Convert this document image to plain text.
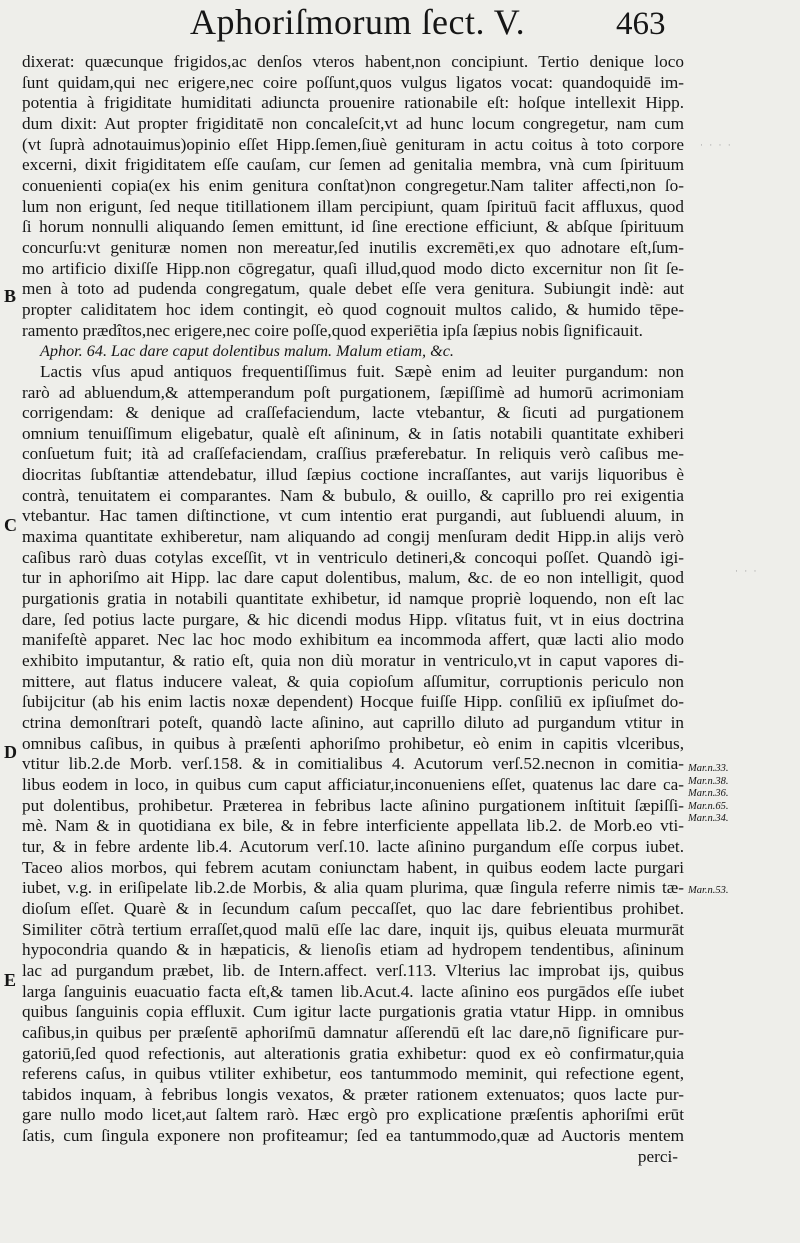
Aphoriſmorum ſect. V.	463
dixerat: quæcunque frigidos,ac denſos vteros habent,non concipiunt. Tertio denique loco
ſunt quidam,qui nec erigere,nec coire poſſunt,quos vulgus ligatos vocat: quandoquidē im-
potentia à frigiditate humiditati adiuncta prouenire rationabile eſt: hoſque intellexit Hipp.
dum dixit: Aut propter frigiditatē non concaleſcit,vt ad hunc locum congregetur, nam cum
(vt ſuprà adnotauimus)opinio eſſet Hipp.ſemen,ſiuè genituram in actu coitus à toto corpore
excerni, dixit frigiditatem eſſe cauſam, cur ſemen ad genitalia membra, vnà cum ſpirituum
conuenienti copia(ex his enim genitura conſtat)non congregetur.Nam taliter affecti,non ſo-
lum non erigunt, ſed neque titillationem illam percipiunt, quam ſpirituū facit affluxus, quod
ſi horum nonnulli aliquando ſemen emittunt, id ſine erectione efficiunt, & abſque ſpirituum
concurſu:vt genituræ nomen non mereatur,ſed inutilis excremēti,ex quo adnotare eſt,ſum-
mo artificio dixiſſe Hipp.non cōgregatur, quaſi illud,quod modo dicto excernitur non ſit ſe-
men à toto ad pudenda congregatum, quale debet eſſe vera genitura. Subiungit indè: aut
propter caliditatem hoc idem contingit, eò quod cognouit multos calido, & humido tēpe-
ramento prædîtos,nec erigere,nec coire poſſe,quod experiētia ipſa ſæpius nobis ſignificauit.
Aphor. 64. Lac dare caput dolentibus malum. Malum etiam, &c.
Lactis vſus apud antiquos frequentiſſimus fuit. Sæpè enim ad leuiter purgandum: non
rarò ad abluendum,& attemperandum poſt purgationem, ſæpiſſimè ad humorū acrimoniam
corrigendam: & denique ad craſſefaciendum, lacte vtebantur, & ſicuti ad purgationem
omnium tenuiſſimum eligebatur, qualè eſt aſininum, & in ſatis notabili quantitate exhiberi
conſuetum fuit; ità ad craſſefaciendam, craſſius præferebatur. In reliquis verò caſibus me-
diocritas ſubſtantiæ attendebatur, illud ſæpius coctione incraſſantes, aut varijs liquoribus è
contrà, tenuitatem ei comparantes. Nam & bubulo, & ouillo, & caprillo pro rei exigentia
vtebantur. Hac tamen diſtinctione, vt cum intentio erat purgandi, aut ſubluendi aluum, in
maxima quantitate exhiberetur, nam aliquando ad congij menſuram dedit Hipp.in alijs verò
caſibus rarò duas cotylas exceſſit, vt in ventriculo detineri,& concoqui poſſet. Quandò igi-
tur in aphoriſmo ait Hipp. lac dare caput dolentibus, malum, &c. de eo non intelligit, quod
purgationis gratia in notabili quantitate exhibetur, id namque propriè loquendo, non eſt lac
dare, ſed potius lacte purgare, & hic dicendi modus Hipp. vſitatus fuit, vt in eius doctrina
manifeſtè apparet. Nec lac hoc modo exhibitum ea incommoda affert, quæ lacti alio modo
exhibito imputantur, & ratio eſt, quia non diù moratur in ventriculo,vt in caput vapores di-
mittere, aut flatus inducere valeat, & quia copioſum aſſumitur, corruptionis periculo non
ſubijcitur (ab his enim lactis noxæ dependent) Hocque fuiſſe Hipp. conſiliū ex ipſiuſmet do-
ctrina demonſtrari poteſt, quandò lacte aſinino, aut caprillo diluto ad purgandum vtitur in
omnibus caſibus, in quibus à præſenti aphoriſmo prohibetur, eò enim in capitis vlceribus,
vtitur lib.2.de Morb. verſ.158. & in comitialibus 4. Acutorum verſ.52.necnon in comitia-
libus eodem in loco, in quibus cum caput afficiatur,inconueniens eſſet, quatenus lac dare ca-
put dolentibus, prohibetur. Præterea in febribus lacte aſinino purgationem inſtituit ſæpiſſi-
mè. Nam & in quotidiana ex bile, & in febre interficiente appellata lib.2. de Morb.eo vti-
tur, & in febre ardente lib.4. Acutorum verſ.10. lacte aſinino purgandum eſſe corpus iubet.
Taceo alios morbos, qui febrem acutam coniunctam habent, in quibus eodem lacte purgari
iubet, v.g. in eriſipelate lib.2.de Morbis, & alia quam plurima, quæ ſingula referre nimis tæ-
dioſum eſſet. Quarè & in ſecundum caſum peccaſſet, quo lac dare febrientibus prohibet.
Similiter cōtrà tertium erraſſet,quod malū eſſe lac dare, inquit ijs, quibus eleuata murmurāt
hypocondria quando & in hæpaticis, & lienoſis etiam ad hydropem tendentibus, aſininum
lac ad purgandum præbet, lib. de Intern.affect. verſ.113. Vlterius lac improbat ijs, quibus
larga ſanguinis euacuatio facta eſt,& tamen lib.Acut.4. lacte aſinino eos purgādos eſſe iubet
quibus ſanguinis copia effluxit. Cum igitur lacte purgationis gratia vtatur Hipp. in omnibus
caſibus,in quibus per præſentē aphoriſmū damnatur aſſerendū eſt lac dare,nō ſignificare pur-
gatoriū,ſed quod refectionis, aut alterationis gratia exhibetur: quod ex eò confirmatur,quia
referens caſus, in quibus vtiliter exhibetur, eos tantummodo meminit, qui refectione egent,
tabidos inquam, à febribus longis vexatos, & præter rationem extenuatos; quos lacte pur-
gare nullo modo licet,aut ſaltem rarò. Hæc ergò pro explicatione præſentis aphoriſmi erūt
ſatis, cum ſingula exponere non profiteamur; ſed ea tantummodo,quæ ad Auctoris mentem
perci-
B
C
D
E
Mar.n.33.
Mar.n.38.
Mar.n.36.
Mar.n.65.
Mar.n.34.
Mar.n.53.
· · · ·
· · ·
